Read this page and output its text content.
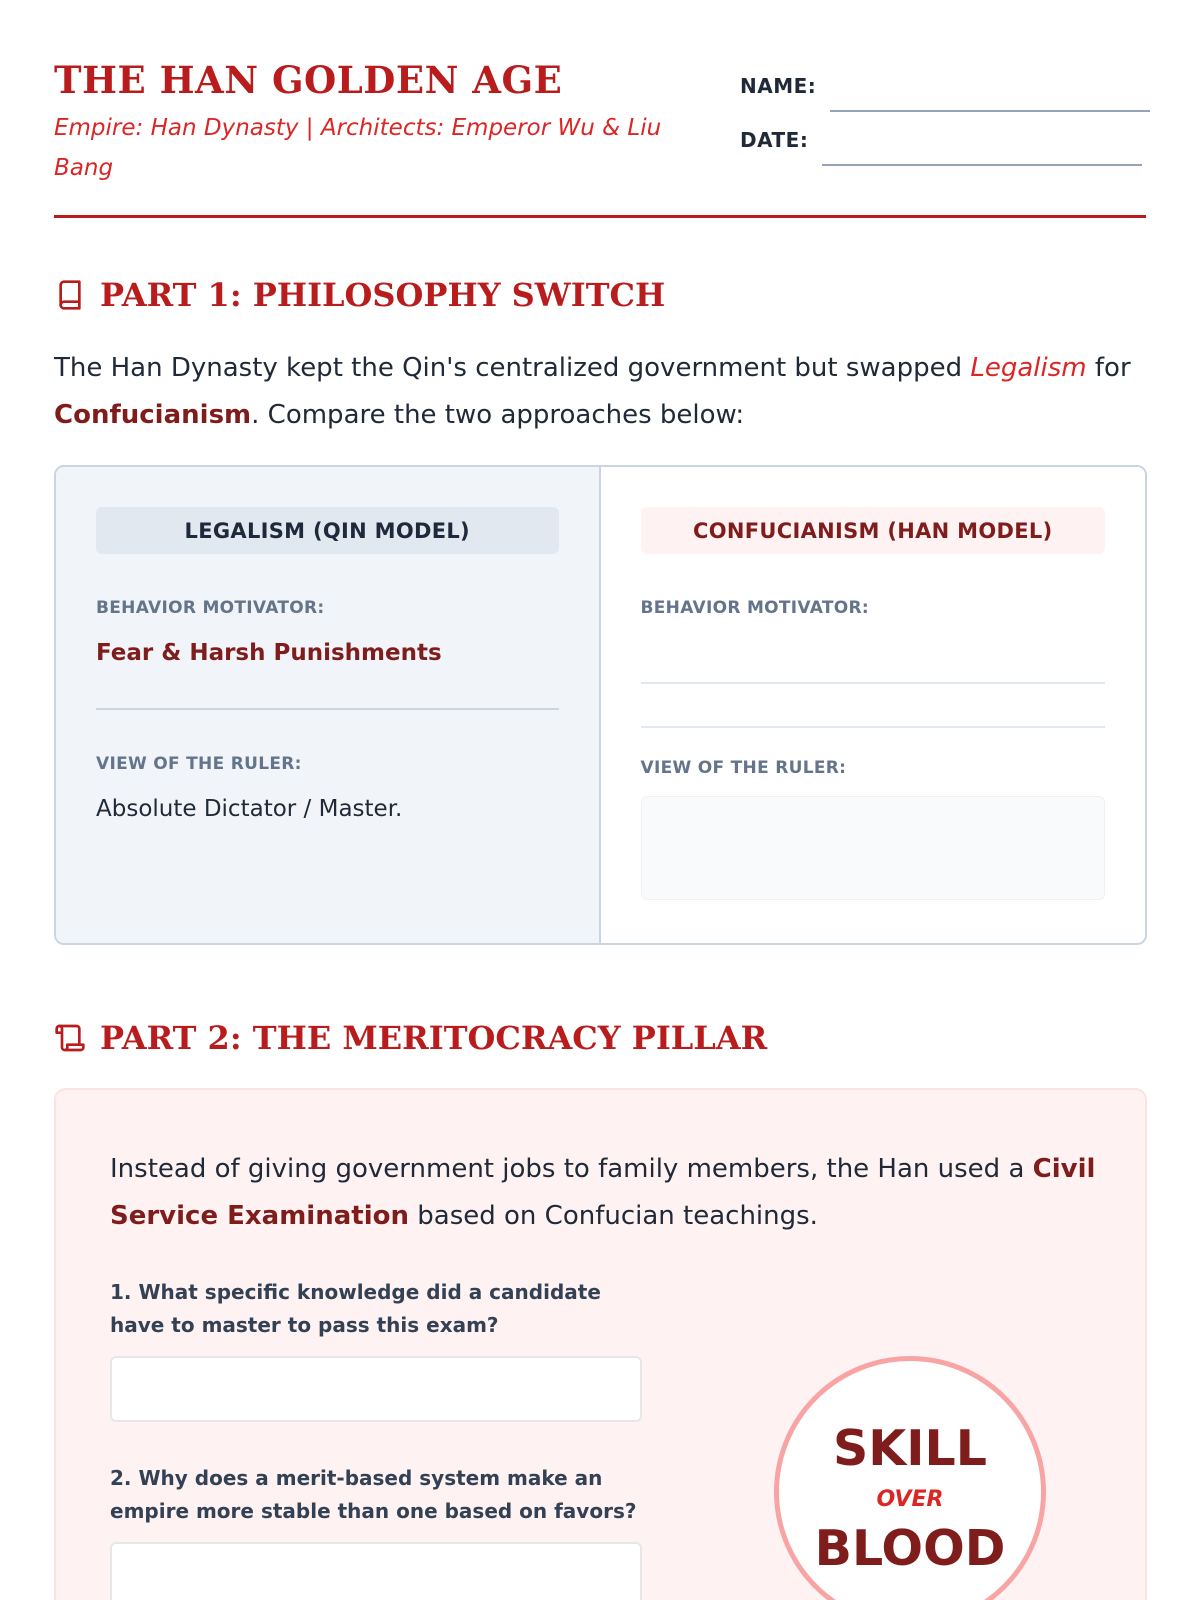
THE HAN GOLDEN AGE
Empire: Han Dynasty | Architects: Emperor Wu & Liu Bang
NAME:
DATE:
PART 1: PHILOSOPHY SWITCH
The Han Dynasty kept the Qin's centralized government but swapped Legalism for Confucianism. Compare the two approaches below:
LEGALISM (QIN MODEL)
BEHAVIOR MOTIVATOR:
Fear & Harsh Punishments
VIEW OF THE RULER:
Absolute Dictator / Master.
CONFUCIANISM (HAN MODEL)
BEHAVIOR MOTIVATOR:
VIEW OF THE RULER:
PART 2: THE MERITOCRACY PILLAR
Instead of giving government jobs to family members, the Han used a Civil Service Examination based on Confucian teachings.
1. What specific knowledge did a candidate have to master to pass this exam?
2. Why does a merit-based system make an empire more stable than one based on favors?
SKILL
OVER
BLOOD
